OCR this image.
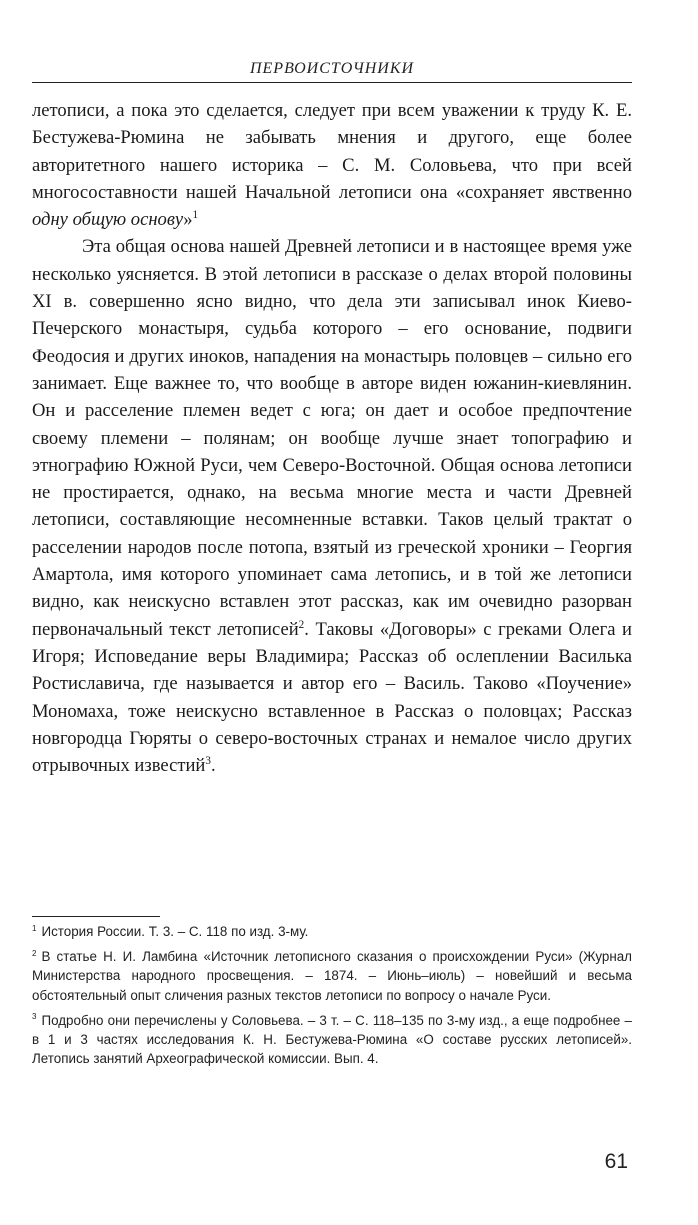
ПЕРВОИСТОЧНИКИ

летописи, а пока это сделается, следует при всем уважении к труду К. Е. Бестужева-Рюмина не забывать мнения и другого, еще более авторитетного нашего историка – С. М. Соловьева, что при всей многосоставности нашей Начальной летописи она «сохраняет явственно одну общую основу»$^1$

Эта общая основа нашей Древней летописи и в настоящее время уже несколько уясняется. В этой летописи в рассказе о делах второй половины XI в. совершенно ясно видно, что дела эти записывал инок Киево-Печерского монастыря, судьба которого – его основание, подвиги Феодосия и других иноков, нападения на монастырь половцев – сильно его занимает. Еще важнее то, что вообще в авторе виден южанин-киевлянин. Он и расселение племен ведет с юга; он дает и особое предпочтение своему племени – полянам; он вообще лучше знает топографию и этнографию Южной Руси, чем Северо-Восточной. Общая основа летописи не простирается, однако, на весьма многие места и части Древней летописи, составляющие несомненные вставки. Таков целый трактат о расселении народов после потопа, взятый из греческой хроники – Георгия Амартола, имя которого упоминает сама летопись, и в той же летописи видно, как неискусно вставлен этот рассказ, как им очевидно разорван первоначальный текст летописей$^2$. Таковы «Договоры» с греками Олега и Игоря; Исповедание веры Владимира; Рассказ об ослеплении Василька Ростиславича, где называется и автор его – Василь. Таково «Поучение» Мономаха, тоже неискусно вставленное в Рассказ о половцах; Рассказ новгородца Гюряты о северо-восточных странах и немалое число других отрывочных известий$^3$.

$^1$ История России. Т. 3. – С. 118 по изд. 3-му.

$^2$ В статье Н. И. Ламбина «Источник летописного сказания о происхождении Руси» (Журнал Министерства народного просвещения. – 1874. – Июнь–июль) – новейший и весьма обстоятельный опыт сличения разных текстов летописи по вопросу о начале Руси.

$^3$ Подробно они перечислены у Соловьева. – 3 т. – С. 118–135 по 3-му изд., а еще подробнее – в 1 и 3 частях исследования К. Н. Бестужева-Рюмина «О составе русских летописей». Летопись занятий Археографической комиссии. Вып. 4.

61
